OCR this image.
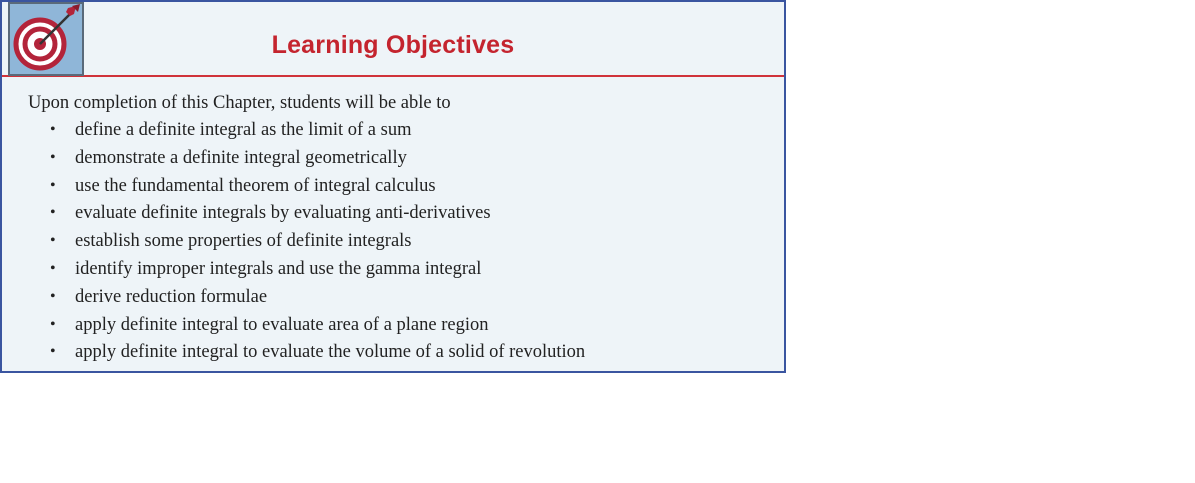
Learning Objectives
Upon completion of this Chapter, students will be able to
• define a definite integral as the limit of a sum
• demonstrate a definite integral geometrically
• use the fundamental theorem of integral calculus
• evaluate definite integrals by evaluating anti-derivatives
• establish some properties of definite integrals
• identify improper integrals and use the gamma integral
• derive reduction formulae
• apply definite integral to evaluate area of a plane region
• apply definite integral to evaluate the volume of a solid of revolution
